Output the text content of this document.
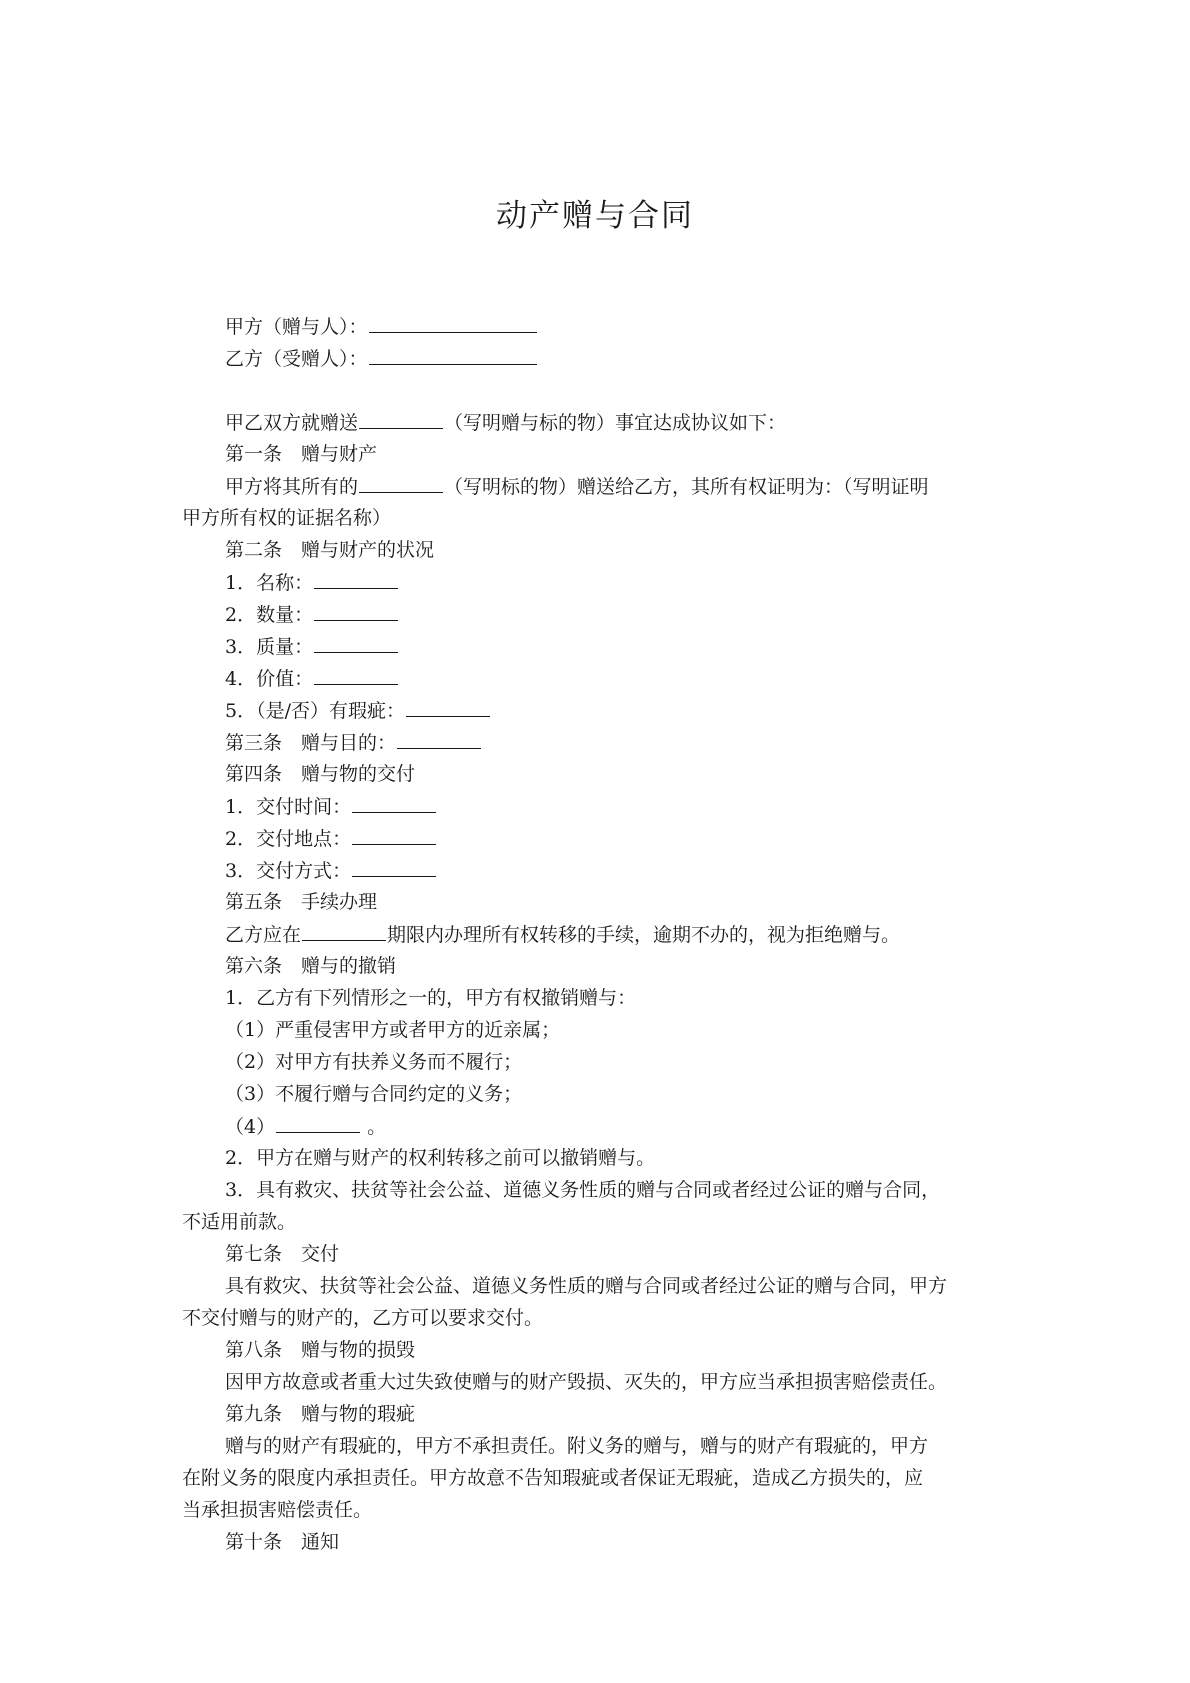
动产赠与合同
甲方（赠与人）：
乙方（受赠人）：
甲乙双方就赠送	（写明赠与标的物）事宜达成协议如下：
第一条　赠与财产
甲方将其所有的	（写明标的物）赠送给乙方，其所有权证明为：（写明证明
甲方所有权的证据名称）
第二条　赠与财产的状况
1．名称：
2．数量：
3．质量：
4．价值：
5．（是/否）有瑕疵：
第三条　赠与目的：
第四条　赠与物的交付
1．交付时间：
2．交付地点：
3．交付方式：
第五条　手续办理
乙方应在	期限内办理所有权转移的手续，逾期不办的，视为拒绝赠与。
第六条　赠与的撤销
1．乙方有下列情形之一的，甲方有权撤销赠与：
（1）严重侵害甲方或者甲方的近亲属；
（2）对甲方有扶养义务而不履行；
（3）不履行赠与合同约定的义务；
（4）	。
2．甲方在赠与财产的权利转移之前可以撤销赠与。
3．具有救灾、扶贫等社会公益、道德义务性质的赠与合同或者经过公证的赠与合同，
不适用前款。
第七条　交付
具有救灾、扶贫等社会公益、道德义务性质的赠与合同或者经过公证的赠与合同，甲方
不交付赠与的财产的，乙方可以要求交付。
第八条　赠与物的损毁
因甲方故意或者重大过失致使赠与的财产毁损、灭失的，甲方应当承担损害赔偿责任。
第九条　赠与物的瑕疵
赠与的财产有瑕疵的，甲方不承担责任。附义务的赠与，赠与的财产有瑕疵的，甲方
在附义务的限度内承担责任。甲方故意不告知瑕疵或者保证无瑕疵，造成乙方损失的，应
当承担损害赔偿责任。
第十条　通知
